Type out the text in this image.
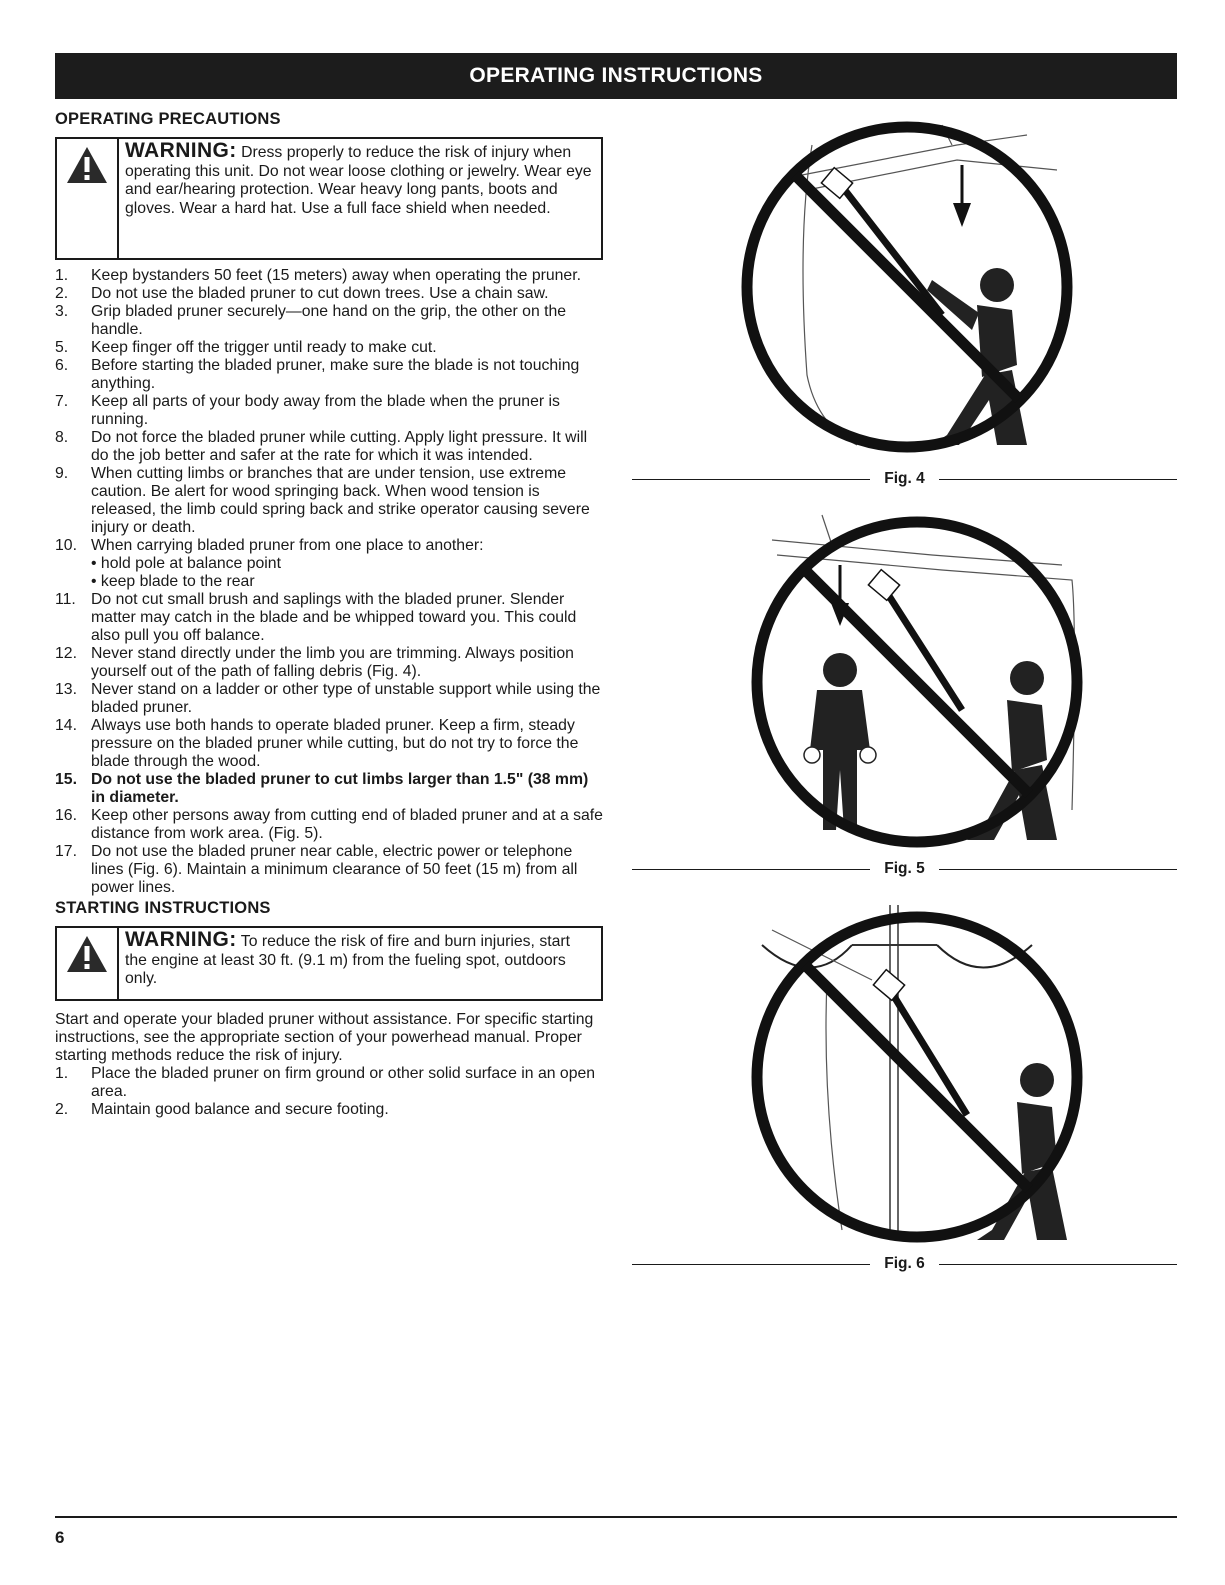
OPERATING INSTRUCTIONS
OPERATING PRECAUTIONS
WARNING: Dress properly to reduce the risk of injury when operating this unit. Do not wear loose clothing or jewelry. Wear eye and ear/hearing protection. Wear heavy long pants, boots and gloves. Wear a hard hat. Use a full face shield when needed.
1.	Keep bystanders 50 feet (15 meters) away when operating the pruner.
2.	Do not use the bladed pruner to cut down trees. Use a chain saw.
3.	Grip bladed pruner securely—one hand on the grip, the other on the handle.
5.	Keep finger off the trigger until ready to make cut.
6.	Before starting the bladed pruner, make sure the blade is not touching anything.
7.	Keep all parts of your body away from the blade when the pruner is running.
8.	Do not force the bladed pruner while cutting. Apply light pressure. It will do the job better and safer at the rate for which it was intended.
9.	When cutting limbs or branches that are under tension, use extreme caution. Be alert for wood springing back. When wood tension is released, the limb could spring back and strike operator causing severe injury or death.
10. When carrying bladed pruner from one place to another:
• hold pole at balance point
• keep blade to the rear
11. Do not cut small brush and saplings with the bladed pruner. Slender matter may catch in the blade and be whipped toward you. This could also pull you off balance.
12. Never stand directly under the limb you are trimming. Always position yourself out of the path of falling debris (Fig. 4).
13. Never stand on a ladder or other type of unstable support while using the bladed pruner.
14. Always use both hands to operate bladed pruner. Keep a firm, steady pressure on the bladed pruner while cutting, but do not try to force the blade through the wood.
15. Do not use the bladed pruner to cut limbs larger than 1.5" (38 mm) in diameter.
16. Keep other persons away from cutting end of bladed pruner and at a safe distance from work area. (Fig. 5).
17. Do not use the bladed pruner near cable, electric power or telephone lines (Fig. 6). Maintain a minimum clearance of 50 feet (15 m) from all power lines.
STARTING INSTRUCTIONS
WARNING: To reduce the risk of fire and burn injuries, start the engine at least 30 ft. (9.1 m) from the fueling spot, outdoors only.

Start and operate your bladed pruner without assistance. For specific starting instructions, see the appropriate section of your powerhead manual. Proper starting methods reduce the risk of injury.

1.	Place the bladed pruner on firm ground or other solid surface in an open area.
2.	Maintain good balance and secure footing.
Fig. 4
Fig. 5
Fig. 6
6
